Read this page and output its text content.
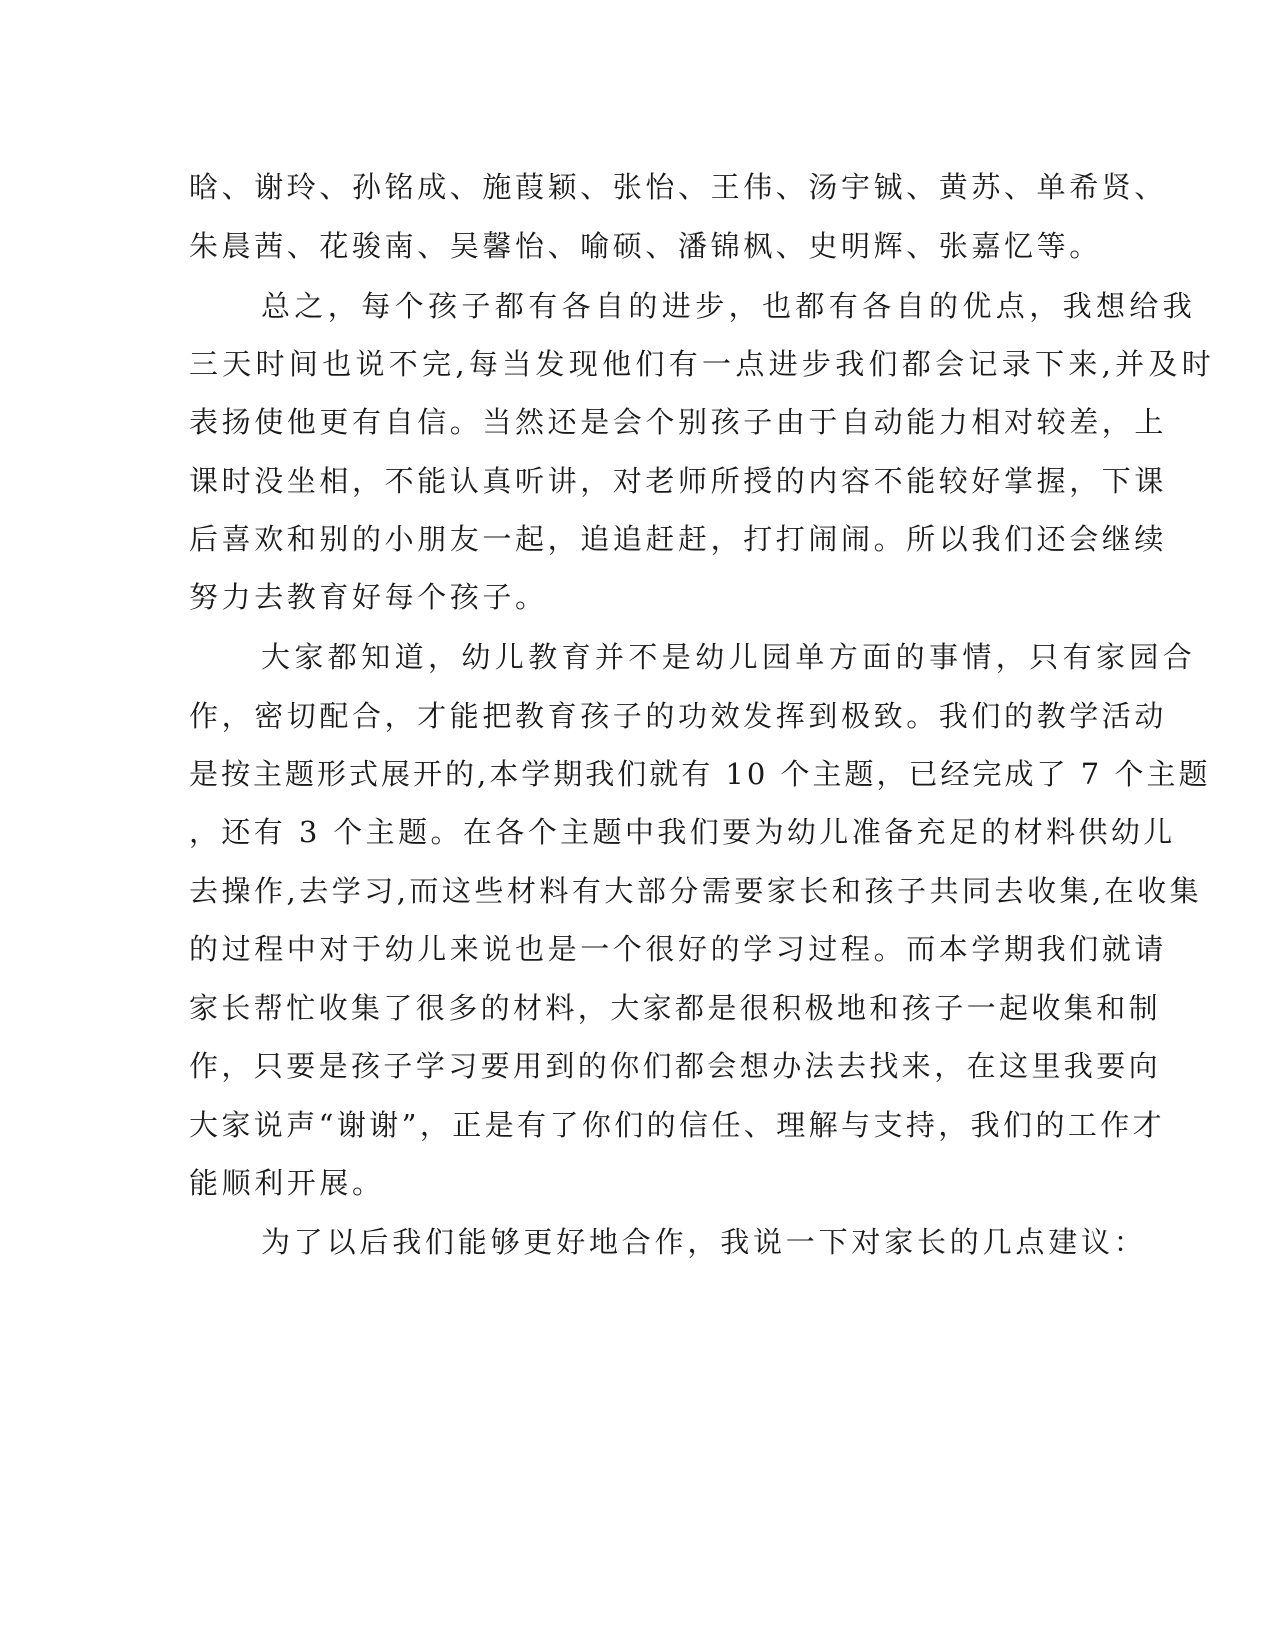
晗、谢玲、孙铭成、施葭颖、张怡、王伟、汤宇铖、黄苏、单希贤、
朱晨茜、花骏南、吴馨怡、喻硕、潘锦枫、史明辉、张嘉忆等。
总之，每个孩子都有各自的进步，也都有各自的优点，我想给我
三天时间也说不完,每当发现他们有一点进步我们都会记录下来,并及时
表扬使他更有自信。当然还是会个别孩子由于自动能力相对较差，上
课时没坐相，不能认真听讲，对老师所授的内容不能较好掌握，下课
后喜欢和别的小朋友一起，追追赶赶，打打闹闹。所以我们还会继续
努力去教育好每个孩子。
大家都知道，幼儿教育并不是幼儿园单方面的事情，只有家园合
作，密切配合，才能把教育孩子的功效发挥到极致。我们的教学活动
是按主题形式展开的,本学期我们就有 10 个主题，已经完成了 7 个主题
，还有 3 个主题。在各个主题中我们要为幼儿准备充足的材料供幼儿
去操作,去学习,而这些材料有大部分需要家长和孩子共同去收集,在收集
的过程中对于幼儿来说也是一个很好的学习过程。而本学期我们就请
家长帮忙收集了很多的材料，大家都是很积极地和孩子一起收集和制
作，只要是孩子学习要用到的你们都会想办法去找来，在这里我要向
大家说声“谢谢”，正是有了你们的信任、理解与支持，我们的工作才
能顺利开展。
为了以后我们能够更好地合作，我说一下对家长的几点建议：
